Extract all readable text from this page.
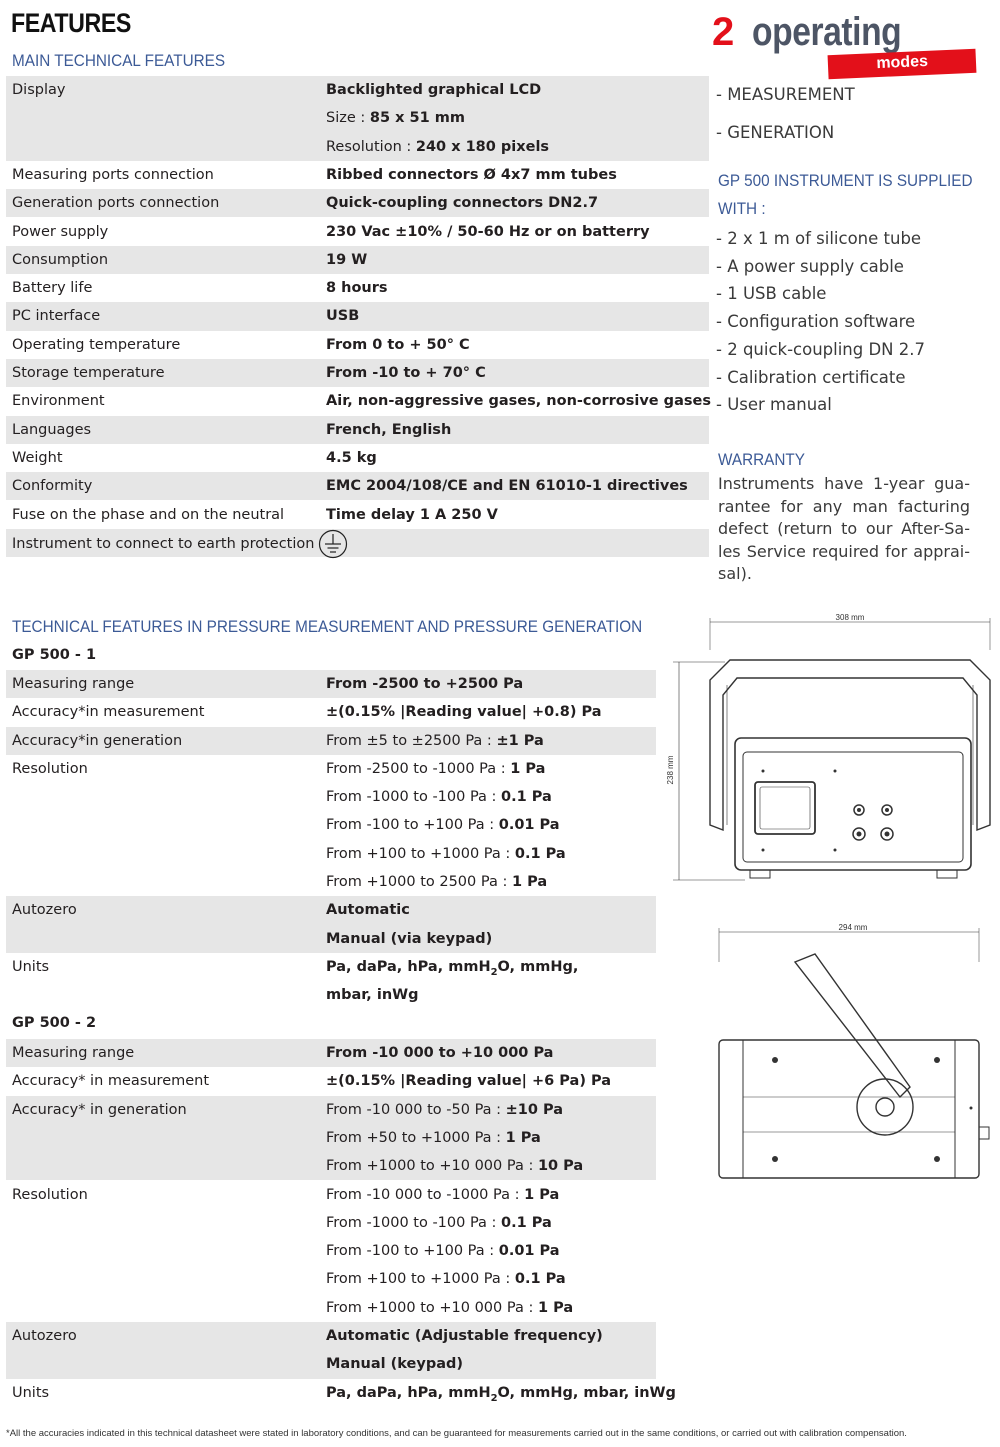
FEATURES
MAIN TECHNICAL FEATURES
2 operating
modes
Display	Backlighted graphical LCD
Size : 85 x 51 mm
Resolution : 240 x 180 pixels
Measuring ports connection	Ribbed connectors Ø 4x7 mm tubes
Generation ports connection	Quick-coupling connectors DN2.7
Power supply	230 Vac ±10% / 50-60 Hz or on batterry
Consumption	19 W
Battery life	8 hours
PC interface	USB
Operating temperature	From 0 to + 50° C
Storage temperature	From -10 to + 70° C
Environment	Air, non-aggressive gases, non-corrosive gases
Languages	French, English
Weight	4.5 kg
Conformity	EMC 2004/108/CE and EN 61010-1 directives
Fuse on the phase and on the neutral	Time delay 1 A 250 V
Instrument to connect to earth protection
- MEASUREMENT
- GENERATION
GP 500 INSTRUMENT IS SUPPLIED
WITH :
- 2 x 1 m of silicone tube
- A power supply cable
- 1 USB cable
- Configuration software
- 2 quick-coupling DN 2.7
- Calibration certificate
- User manual
WARRANTY
Instruments have 1-year gua-
rantee for any man facturing
defect (return to our After-Sa-
les Service required for apprai-
sal).
TECHNICAL FEATURES IN PRESSURE MEASUREMENT AND PRESSURE GENERATION
GP 500 - 1
Measuring range	From -2500 to +2500 Pa
Accuracy*in measurement	±(0.15% |Reading value| +0.8) Pa
Accuracy*in generation	From ±5 to ±2500 Pa : ±1 Pa
Resolution	From -2500 to -1000 Pa : 1 Pa
From -1000 to -100 Pa : 0.1 Pa
From -100 to +100 Pa : 0.01 Pa
From +100 to +1000 Pa : 0.1 Pa
From +1000 to 2500 Pa : 1 Pa
Autozero	Automatic
Manual (via keypad)
Units	Pa, daPa, hPa, mmH$_2$O, mmHg,
mbar, inWg
GP 500 - 2
Measuring range	From -10 000 to +10 000 Pa
Accuracy* in measurement	±(0.15% |Reading value| +6 Pa) Pa
Accuracy* in generation	From -10 000 to -50 Pa : ±10 Pa
From +50 to +1000 Pa : 1 Pa
From +1000 to +10 000 Pa : 10 Pa
Resolution	From -10 000 to -1000 Pa : 1 Pa
From -1000 to -100 Pa : 0.1 Pa
From -100 to +100 Pa : 0.01 Pa
From +100 to +1000 Pa : 0.1 Pa
From +1000 to +10 000 Pa : 1 Pa
Autozero	Automatic (Adjustable frequency)
Manual (keypad)
Units	Pa, daPa, hPa, mmH$_2$O, mmHg, mbar, inWg
308 mm
238 mm
294 mm
*All the accuracies indicated in this technical datasheet were stated in laboratory conditions, and can be guaranteed for measurements carried out in the same conditions, or carried out with calibration compensation.
